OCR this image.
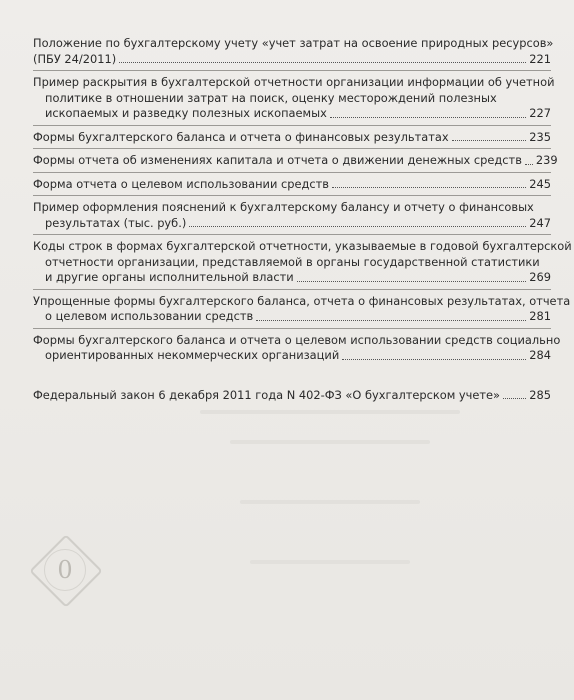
Положение по бухгалтерскому учету «учет затрат на освоение природных ресурсов»
(ПБУ 24/2011)	221
Пример раскрытия в бухгалтерской отчетности организации информации об учетной
политике в отношении затрат на поиск, оценку месторождений полезных
ископаемых и разведку полезных ископаемых	227
Формы бухгалтерского баланса и отчета о финансовых результатах	235
Формы отчета об изменениях капитала и отчета о движении денежных средств 239
Форма отчета о целевом использовании средств	245
Пример оформления пояснений к бухгалтерскому балансу и отчету о финансовых
результатах (тыс. руб.)	247
Коды строк в формах бухгалтерской отчетности, указываемые в годовой бухгалтерской
отчетности организации, представляемой в органы государственной статистики
и другие органы исполнительной власти	269
Упрощенные формы бухгалтерского баланса, отчета о финансовых результатах, отчета
о целевом использовании средств	281
Формы бухгалтерского баланса и отчета о целевом использовании средств социально
ориентированных некоммерческих организаций	284
Федеральный закон 6 декабря 2011 года N 402-ФЗ «О бухгалтерском учете»	285
0
